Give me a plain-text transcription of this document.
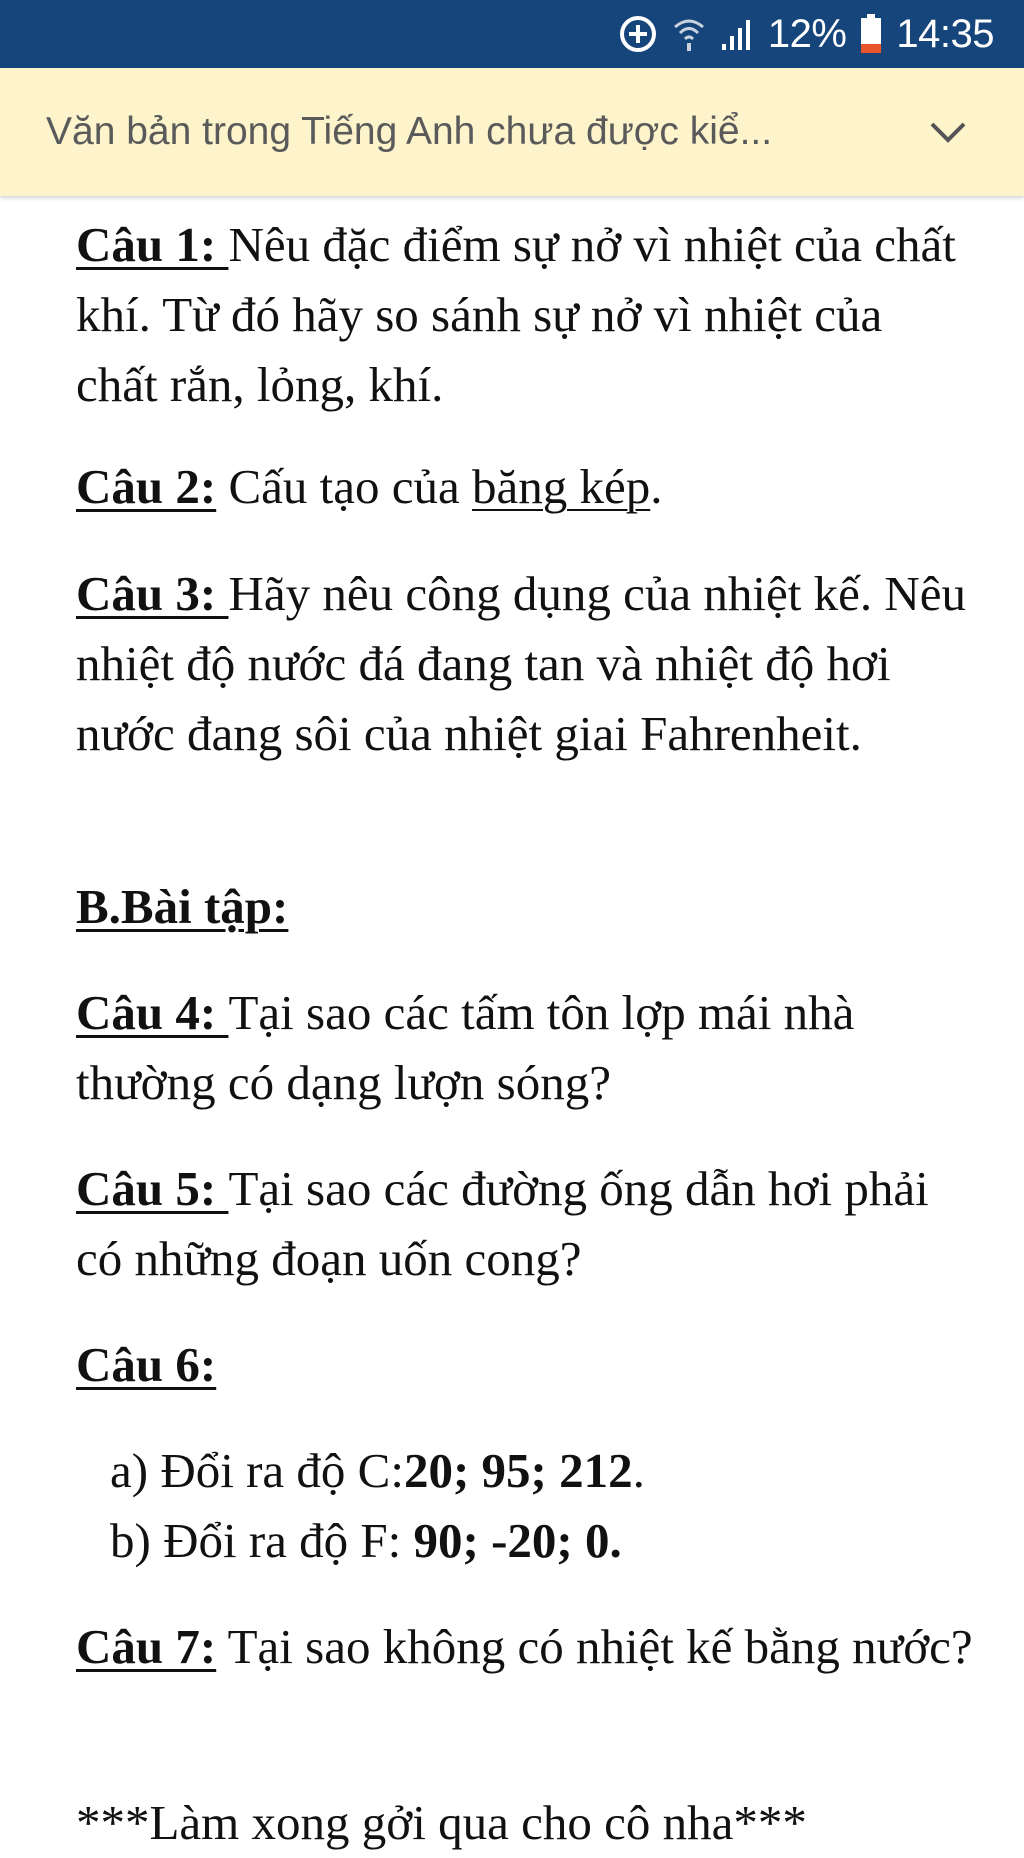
12% 14:35
Văn bản trong Tiếng Anh chưa được kiể...

Câu 1: Nêu đặc điểm sự nở vì nhiệt của chất khí. Từ đó hãy so sánh sự nở vì nhiệt của chất rắn, lỏng, khí.

Câu 2: Cấu tạo của băng kép.

Câu 3: Hãy nêu công dụng của nhiệt kế. Nêu nhiệt độ nước đá đang tan và nhiệt độ hơi nước đang sôi của nhiệt giai Fahrenheit.

B.Bài tập:

Câu 4: Tại sao các tấm tôn lợp mái nhà thường có dạng lượn sóng?

Câu 5: Tại sao các đường ống dẫn hơi phải có những đoạn uốn cong?

Câu 6:

a) Đổi ra độ C:20; 95; 212.

b) Đổi ra độ F: 90; -20; 0.

Câu 7: Tại sao không có nhiệt kế bằng nước?

***Làm xong gởi qua cho cô nha***
